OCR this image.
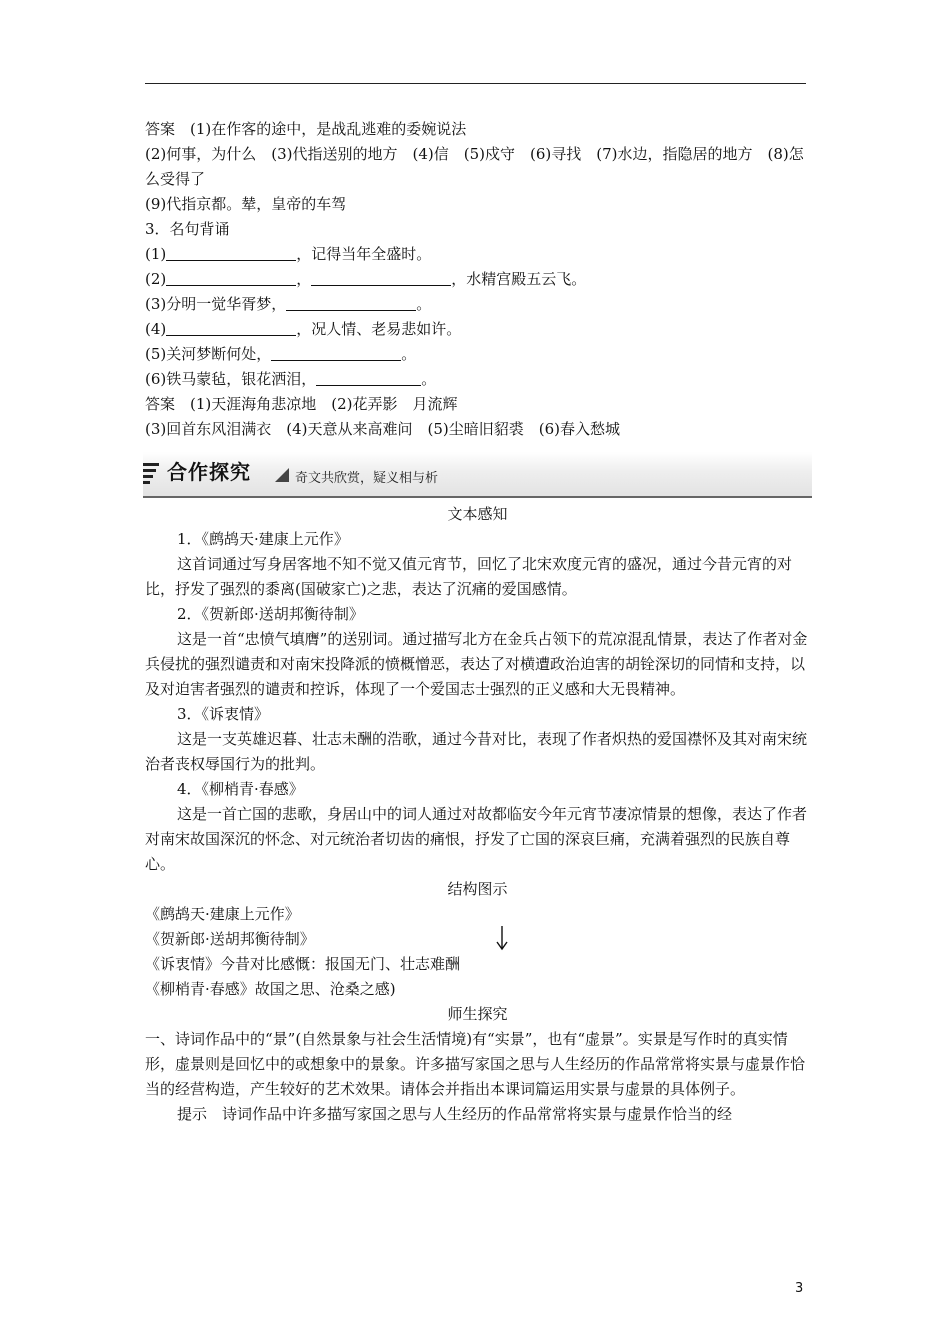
答案　(1)在作客的途中，是战乱逃难的委婉说法

(2)何事，为什么　(3)代指送别的地方　(4)信　(5)戍守　(6)寻找　(7)水边，指隐居的地方　(8)怎么受得了

(9)代指京都。辇，皇帝的车驾

3．名句背诵

(1)	，记得当年全盛时。

(2)	，	，水精宫殿五云飞。

(3)分明一觉华胥梦，	。

(4)	，况人情、老易悲如许。

(5)关河梦断何处，	。

(6)铁马蒙毡，银花洒泪，	。

答案　(1)天涯海角悲凉地　(2)花弄影　月流辉

(3)回首东风泪满衣　(4)天意从来高难问　(5)尘暗旧貂裘　(6)春入愁城

合作探究	奇文共欣赏，疑义相与析

文本感知

1．《鹧鸪天·建康上元作》

这首词通过写身居客地不知不觉又值元宵节，回忆了北宋欢度元宵的盛况，通过今昔元宵的对比，抒发了强烈的黍离(国破家亡)之悲，表达了沉痛的爱国感情。

2．《贺新郎·送胡邦衡待制》

这是一首“忠愤气填膺”的送别词。通过描写北方在金兵占领下的荒凉混乱情景，表达了作者对金兵侵扰的强烈谴责和对南宋投降派的愤概憎恶，表达了对横遭政治迫害的胡铨深切的同情和支持，以及对迫害者强烈的谴责和控诉，体现了一个爱国志士强烈的正义感和大无畏精神。

3．《诉衷情》

这是一支英雄迟暮、壮志未酬的浩歌，通过今昔对比，表现了作者炽热的爱国襟怀及其对南宋统治者丧权辱国行为的批判。

4．《柳梢青·春感》

这是一首亡国的悲歌，身居山中的词人通过对故都临安今年元宵节凄凉情景的想像，表达了作者对南宋故国深沉的怀念、对元统治者切齿的痛恨，抒发了亡国的深哀巨痛，充满着强烈的民族自尊心。

结构图示

《鹧鸪天·建康上元作》

《贺新郎·送胡邦衡待制》

《诉衷情》今昔对比感慨：报国无门、壮志难酬

《柳梢青·春感》故国之思、沧桑之感)

师生探究

一、诗词作品中的“景”(自然景象与社会生活情境)有“实景”，也有“虚景”。实景是写作时的真实情形，虚景则是回忆中的或想象中的景象。许多描写家国之思与人生经历的作品常常将实景与虚景作恰当的经营构造，产生较好的艺术效果。请体会并指出本课词篇运用实景与虚景的具体例子。

提示　诗词作品中许多描写家国之思与人生经历的作品常常将实景与虚景作恰当的经

3
